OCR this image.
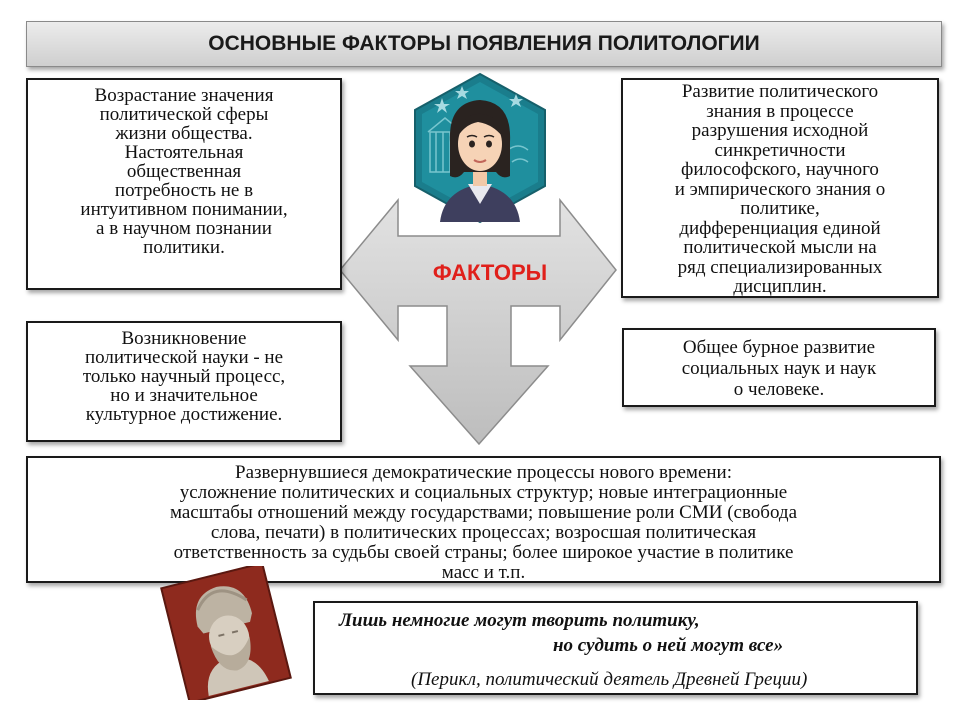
ОСНОВНЫЕ ФАКТОРЫ ПОЯВЛЕНИЯ ПОЛИТОЛОГИИ
ФАКТОРЫ
Возрастание значения
политической сферы
жизни общества.
Настоятельная
общественная
потребность не в
интуитивном понимании,
а в научном познании
политики.
Развитие политического
знания в процессе
разрушения исходной
синкретичности
философского, научного
и эмпирического знания о
политике,
дифференциация единой
политической мысли на
ряд специализированных
дисциплин.
Возникновение
политической науки - не
только научный процесс,
но и значительное
культурное достижение.
Общее бурное развитие
социальных наук и наук
о человеке.
Развернувшиеся демократические процессы нового времени:
усложнение политических и социальных структур; новые интеграционные
масштабы отношений между государствами; повышение роли СМИ (свобода
слова, печати) в политических процессах; возросшая политическая
ответственность за судьбы своей страны; более широкое участие в политике
масс и т.п.
Лишь немногие могут творить политику,
но судить о ней могут все»
(Перикл, политический деятель Древней Греции)
